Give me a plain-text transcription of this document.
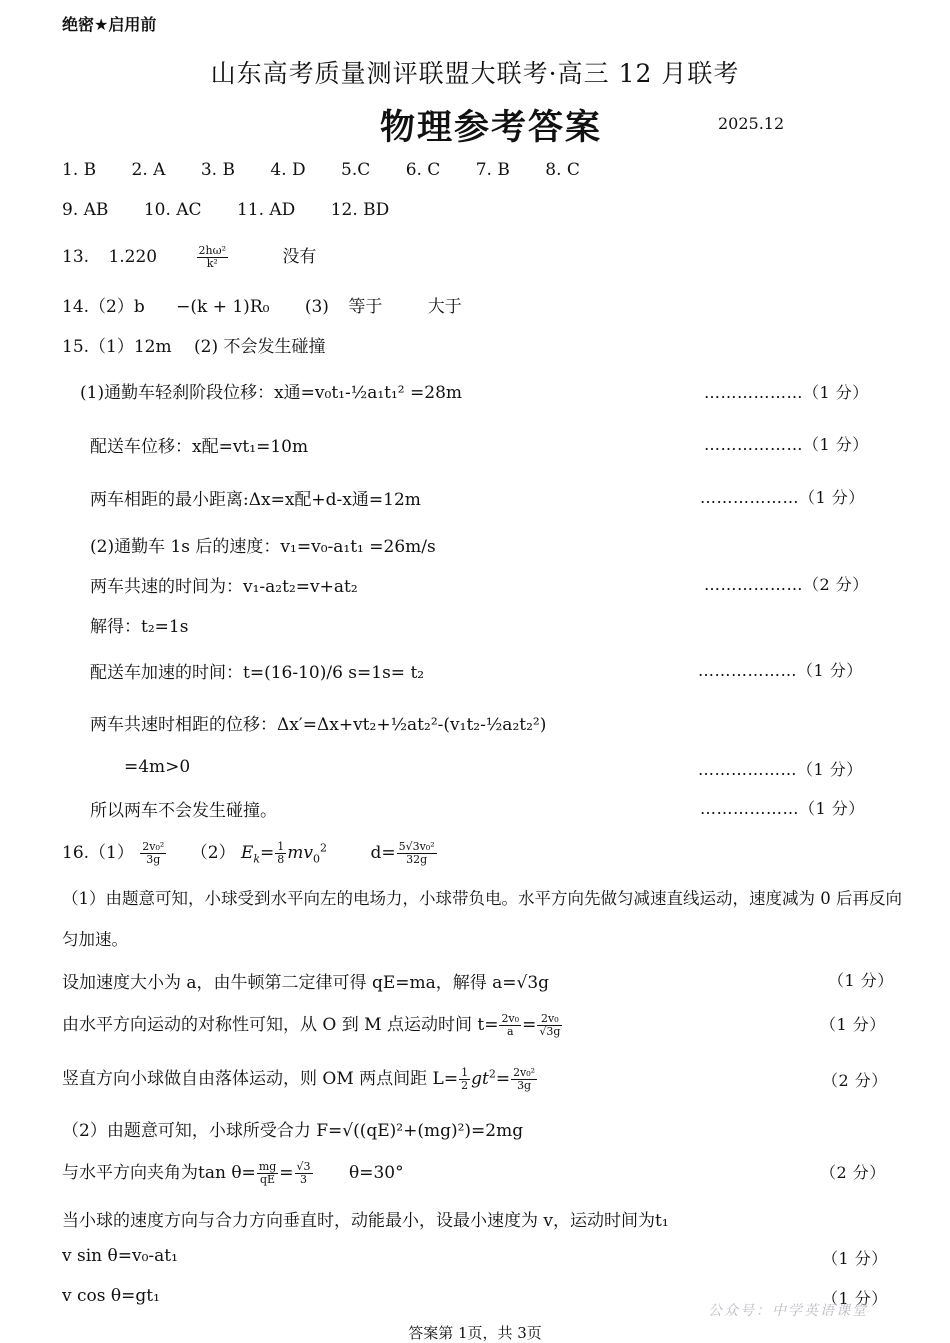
绝密★启用前
山东高考质量测评联盟大联考·高三 12 月联考
物理参考答案	2025.12
1. B 2. A 3. B 4. D 5.C 6. C 7. B 8. C
9. AB 10. AC 11. AD 12. BD
13. 1.220	$\frac{\text{2hω²}}{\text{k²}}$	没有
14.（2）b −(k + 1)R₀ (3) 等于	大于
15.（1）12m　 (2) 不会发生碰撞
(1)通勤车轻刹阶段位移：x通=v₀t₁-½a₁t₁² =28m	………………（1 分）
配送车位移：x配=vt₁=10m	………………（1 分）
两车相距的最小距离:Δx=x配+d-x通=12m	………………（1 分）
(2)通勤车 1s 后的速度：v₁=v₀-a₁t₁ =26m/s
两车共速的时间为：v₁-a₂t₂=v+at₂	………………（2 分）
解得：t₂=1s
配送车加速的时间：t=(16-10)/6 s=1s= t₂	………………（1 分）
两车共速时相距的位移：Δx′=Δx+vt₂+½at₂²-(v₁t₂-½a₂t₂²)
=4m>0	………………（1 分）
所以两车不会发生碰撞。	………………（1 分）
$16.(1) \frac{\text{2v₀²}}{3g} (2)$ $E_k= \frac{1}{8} mv_0^2$	$d= \frac{\text{5√3v₀²}}{32g}$
（1）由题意可知，小球受到水平向左的电场力，小球带负电。水平方向先做匀减速直线运动，速度减为 0 后再反向匀加速。
设加速度大小为 a，由牛顿第二定律可得 qE=ma，解得 a=√3g	（1 分）
由水平方向运动的对称性可知，从 O 到 M 点运动时间 $t= \frac{\text{2v₀}}{a} = \frac{\text{2v₀}}{√3g}$	（1 分）
竖直方向小球做自由落体运动，则 OM 两点间距 $L= \frac{1}{2} gt^2= \frac{\text{2v₀²}}{3g}$	（2 分）
（2）由题意可知，小球所受合力 F=√((qE)²+(mg)²)=2mg
与水平方向夹角为$\tan \theta= \frac{mg}{qE} = \frac{√3}{3} \theta=30^\circ$	（2 分）
当小球的速度方向与合力方向垂直时，动能最小，设最小速度为 v，运动时间为t₁
v sin θ=v₀-at₁	（1 分）
v cos θ=gt₁	（1 分）
公众号：中学英语课堂
答案第 1页，共 3页
